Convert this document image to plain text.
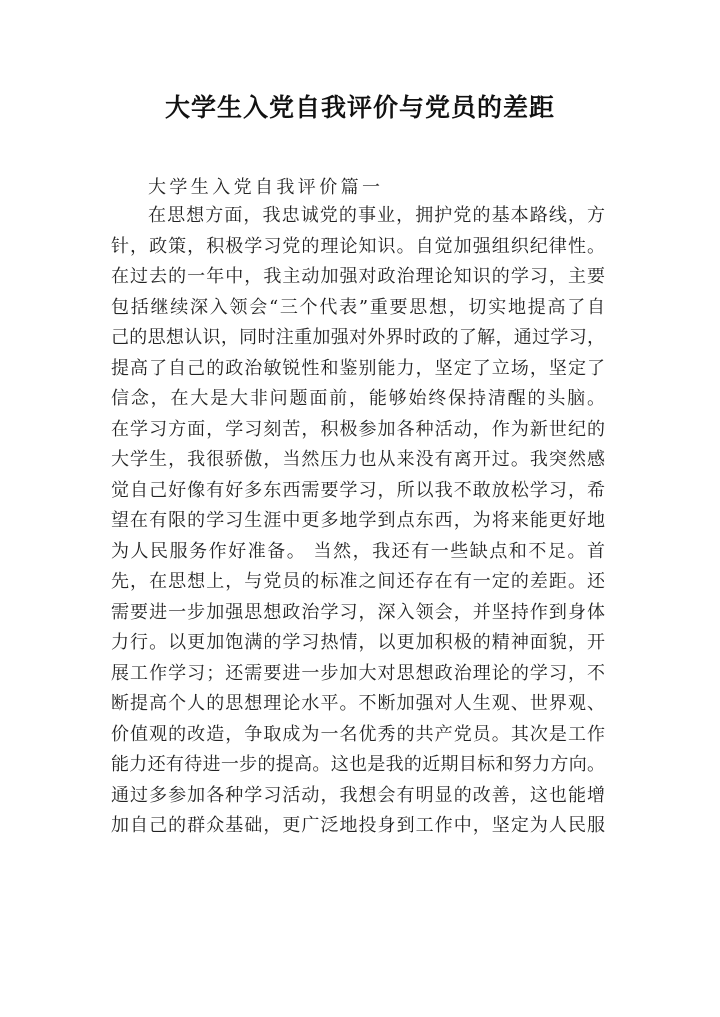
大学生入党自我评价与党员的差距
大学生入党自我评价篇一
在思想方面，我忠诚党的事业，拥护党的基本路线，方
针，政策，积极学习党的理论知识。自觉加强组织纪律性。
在过去的一年中，我主动加强对政治理论知识的学习，主要
包括继续深入领会“三个代表”重要思想，切实地提高了自
己的思想认识，同时注重加强对外界时政的了解，通过学习，
提高了自己的政治敏锐性和鉴别能力，坚定了立场，坚定了
信念，在大是大非问题面前，能够始终保持清醒的头脑。
在学习方面，学习刻苦，积极参加各种活动，作为新世纪的
大学生，我很骄傲，当然压力也从来没有离开过。我突然感
觉自己好像有好多东西需要学习，所以我不敢放松学习，希
望在有限的学习生涯中更多地学到点东西，为将来能更好地
为人民服务作好准备。 当然，我还有一些缺点和不足。首
先，在思想上，与党员的标准之间还存在有一定的差距。还
需要进一步加强思想政治学习，深入领会，并坚持作到身体
力行。以更加饱满的学习热情，以更加积极的精神面貌，开
展工作学习；还需要进一步加大对思想政治理论的学习，不
断提高个人的思想理论水平。不断加强对人生观、世界观、
价值观的改造，争取成为一名优秀的共产党员。其次是工作
能力还有待进一步的提高。这也是我的近期目标和努力方向。
通过多参加各种学习活动，我想会有明显的改善，这也能增
加自己的群众基础，更广泛地投身到工作中，坚定为人民服
